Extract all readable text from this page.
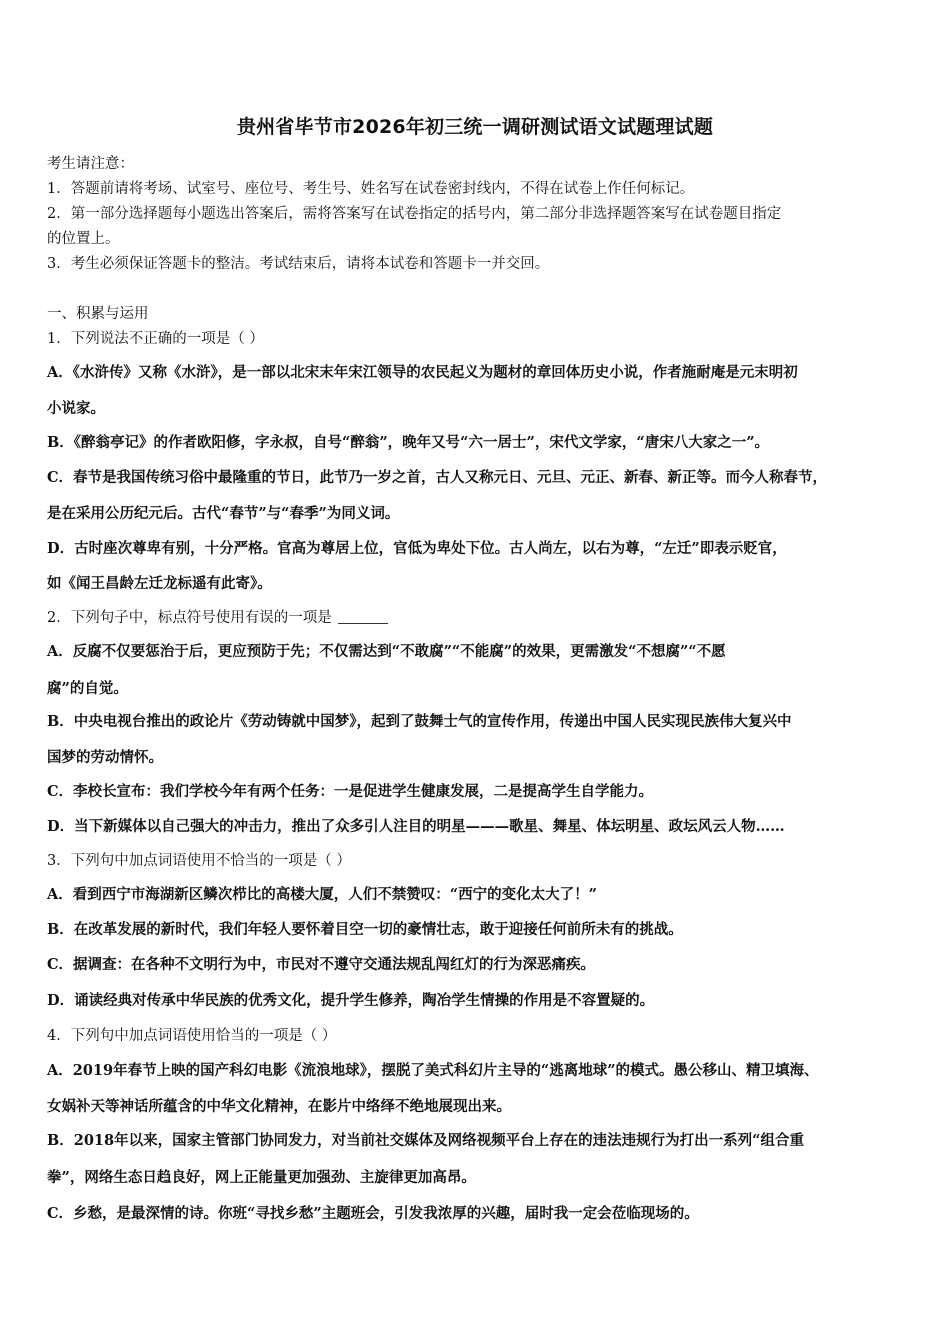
贵州省毕节市2026年初三统一调研测试语文试题理试题
考生请注意：
1．答题前请将考场、试室号、座位号、考生号、姓名写在试卷密封线内，不得在试卷上作任何标记。
2．第一部分选择题每小题选出答案后，需将答案写在试卷指定的括号内，第二部分非选择题答案写在试卷题目指定
的位置上。
3．考生必须保证答题卡的整洁。考试结束后，请将本试卷和答题卡一并交回。
一、积累与运用
1．下列说法不正确的一项是（ ）
A．《水浒传》又称《水浒》，是一部以北宋末年宋江领导的农民起义为题材的章回体历史小说，作者施耐庵是元末明初
小说家。
B．《醉翁亭记》的作者欧阳修，字永叔，自号“醉翁”，晚年又号“六一居士”，宋代文学家，“唐宋八大家之一”。
C．春节是我国传统习俗中最隆重的节日，此节乃一岁之首，古人又称元日、元旦、元正、新春、新正等。而今人称春节，
是在采用公历纪元后。古代“春节”与“春季”为同义词。
D．古时座次尊卑有别，十分严格。官高为尊居上位，官低为卑处下位。古人尚左，以右为尊，“左迁”即表示贬官，
如《闻王昌龄左迁龙标遥有此寄》。
2．下列句子中，标点符号使用有误的一项是
A．反腐不仅要惩治于后，更应预防于先；不仅需达到“不敢腐”“不能腐”的效果，更需激发“不想腐”“不愿
腐”的自觉。
B．中央电视台推出的政论片《劳动铸就中国梦》，起到了鼓舞士气的宣传作用，传递出中国人民实现民族伟大复兴中
国梦的劳动情怀。
C．李校长宣布：我们学校今年有两个任务：一是促进学生健康发展，二是提高学生自学能力。
D．当下新媒体以自己强大的冲击力，推出了众多引人注目的明星———歌星、舞星、体坛明星、政坛风云人物……
3．下列句中加点词语使用不恰当的一项是（ ）
A．看到西宁市海湖新区鳞次栉比的高楼大厦，人们不禁赞叹：“西宁的变化太大了！”
B．在改革发展的新时代，我们年轻人要怀着目空一切的豪情壮志，敢于迎接任何前所未有的挑战。
C．据调查：在各种不文明行为中，市民对不遵守交通法规乱闯红灯的行为深恶痛疾。
D．诵读经典对传承中华民族的优秀文化，提升学生修养，陶冶学生情操的作用是不容置疑的。
4．下列句中加点词语使用恰当的一项是（ ）
A．2019年春节上映的国产科幻电影《流浪地球》，摆脱了美式科幻片主导的“逃离地球”的模式。愚公移山、精卫填海、
女娲补天等神话所蕴含的中华文化精神，在影片中络绎不绝地展现出来。
B．2018年以来，国家主管部门协同发力，对当前社交媒体及网络视频平台上存在的违法违规行为打出一系列“组合重
拳”，网络生态日趋良好，网上正能量更加强劲、主旋律更加高昂。
C．乡愁，是最深情的诗。你班“寻找乡愁”主题班会，引发我浓厚的兴趣，届时我一定会莅临现场的。
